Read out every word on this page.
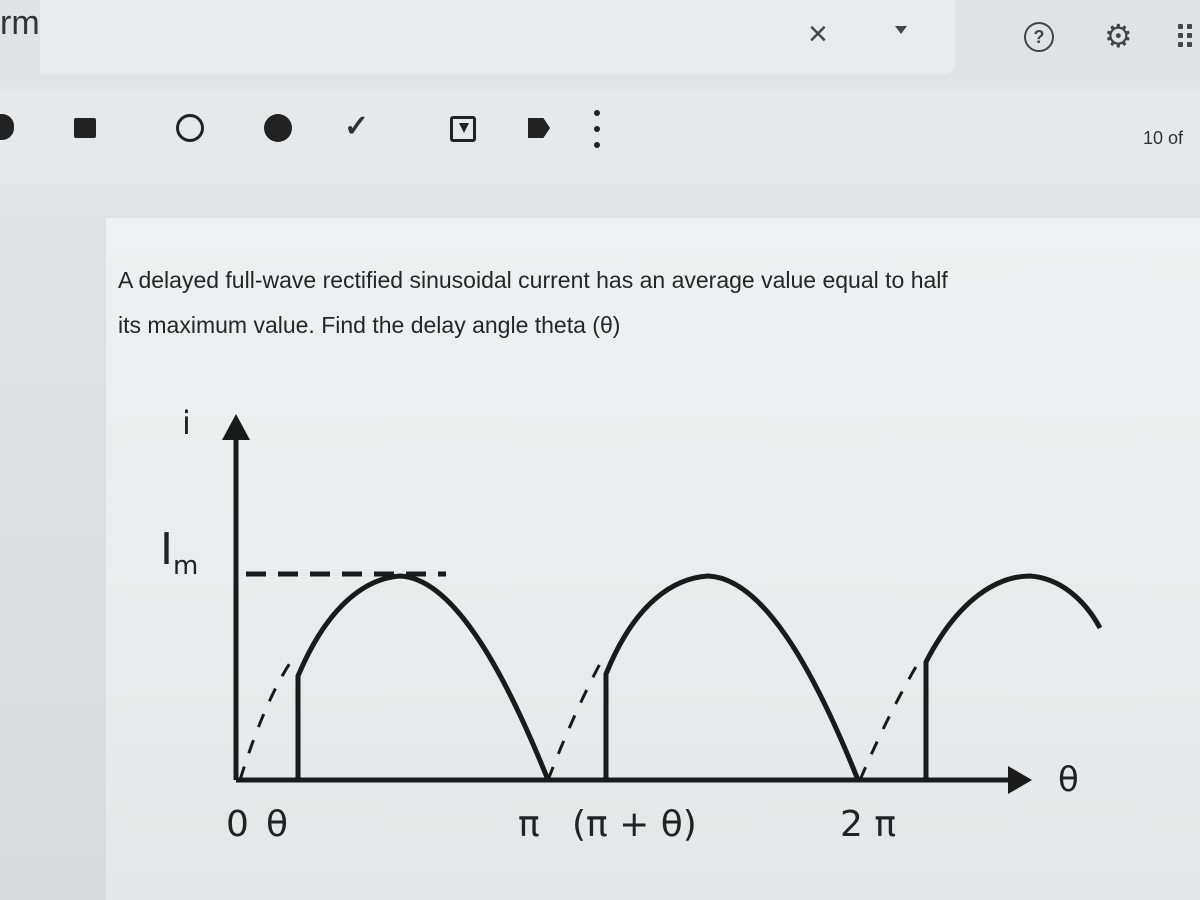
rm	×	? ⚙
✓	10 of
A delayed full-wave rectified sinusoidal current has an average value equal to half
its maximum value. Find the delay angle theta (θ)
i
$I_m$
θ
0 θ	π (π + θ)	2 π
